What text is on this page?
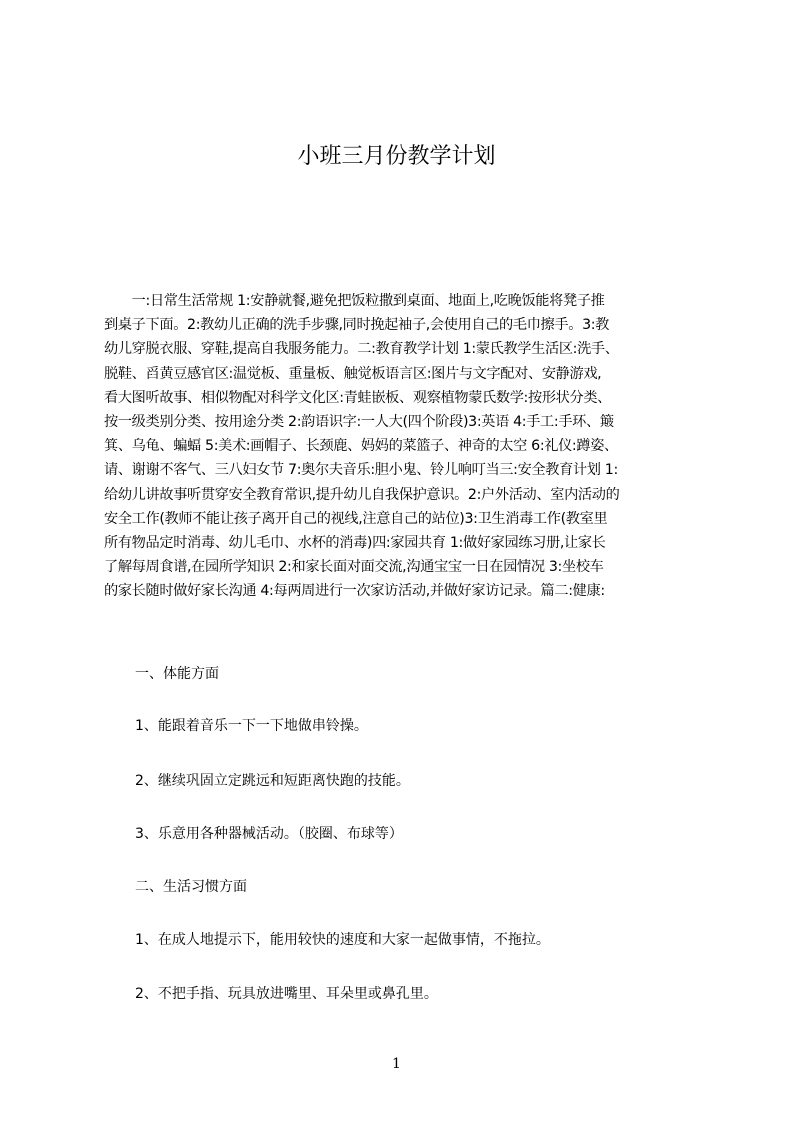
小班三月份教学计划
　　一:日常生活常规 1:安静就餐,避免把饭粒撒到桌面、地面上,吃晚饭能将凳子推
到桌子下面。2:教幼儿正确的洗手步骤,同时挽起袖子,会使用自己的毛巾擦手。3:教
幼儿穿脱衣服、穿鞋,提高自我服务能力。二:教育教学计划 1:蒙氏教学生活区:洗手、
脱鞋、舀黄豆感官区:温觉板、重量板、触觉板语言区:图片与文字配对、安静游戏,
看大图听故事、相似物配对科学文化区:青蛙嵌板、观察植物蒙氏数学:按形状分类、
按一级类别分类、按用途分类 2:韵语识字:一人大(四个阶段)3:英语 4:手工:手环、簸
箕、乌龟、蝙蝠 5:美术:画帽子、长颈鹿、妈妈的菜篮子、神奇的太空 6:礼仪:蹲姿、
请、谢谢不客气、三八妇女节 7:奥尔夫音乐:胆小鬼、铃儿响叮当三:安全教育计划 1:
给幼儿讲故事听贯穿安全教育常识,提升幼儿自我保护意识。2:户外活动、室内活动的
安全工作(教师不能让孩子离开自己的视线,注意自己的站位)3:卫生消毒工作(教室里
所有物品定时消毒、幼儿毛巾、水杯的消毒)四:家园共育 1:做好家园练习册,让家长
了解每周食谱,在园所学知识 2:和家长面对面交流,沟通宝宝一日在园情况 3:坐校车
的家长随时做好家长沟通 4:每两周进行一次家访活动,并做好家访记录。篇二:健康:

一、体能方面

1、能跟着音乐一下一下地做串铃操。

2、继续巩固立定跳远和短距离快跑的技能。

3、乐意用各种器械活动。（胶圈、布球等）

二、生活习惯方面

1、在成人地提示下，能用较快的速度和大家一起做事情，不拖拉。

2、不把手指、玩具放进嘴里、耳朵里或鼻孔里。

1
